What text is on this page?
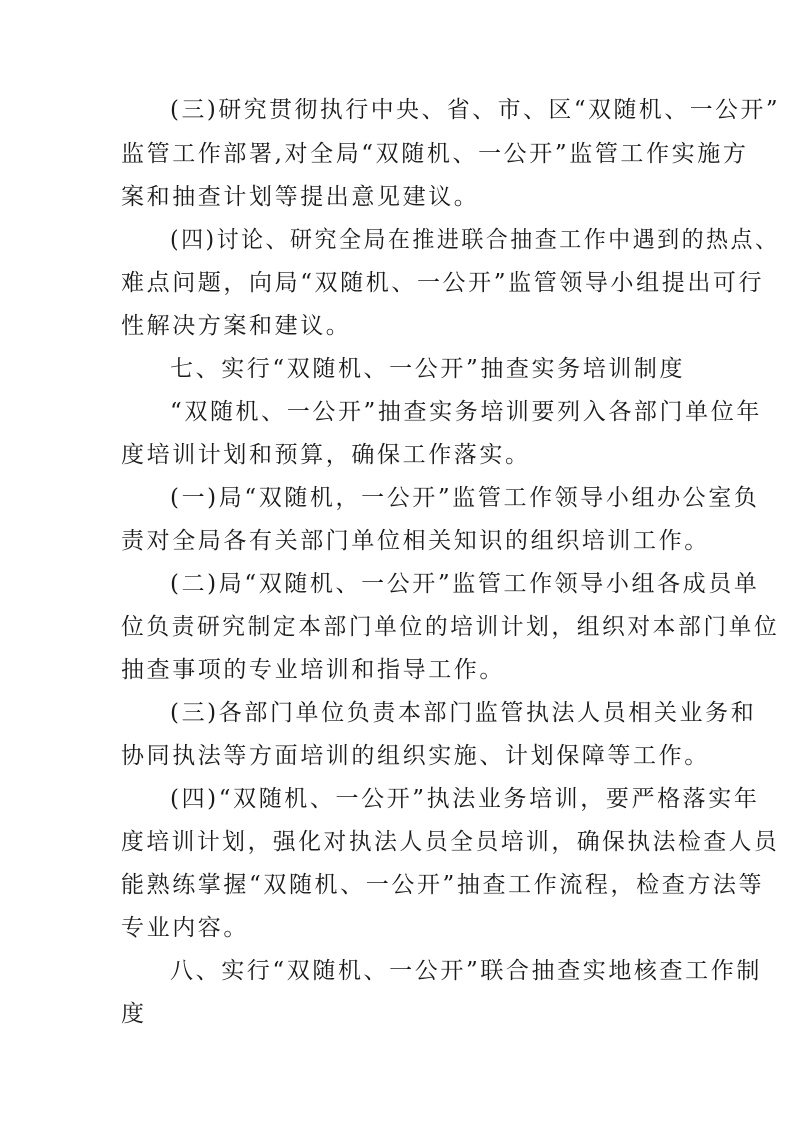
(三)研究贯彻执行中央、省、市、区“双随机、一公开”
监管工作部署,对全局“双随机、一公开”监管工作实施方
案和抽查计划等提出意见建议。
(四)讨论、研究全局在推进联合抽查工作中遇到的热点、
难点问题，向局“双随机、一公开”监管领导小组提出可行
性解决方案和建议。
七、实行“双随机、一公开”抽查实务培训制度
“双随机、一公开”抽查实务培训要列入各部门单位年
度培训计划和预算，确保工作落实。
(一)局“双随机，一公开”监管工作领导小组办公室负
责对全局各有关部门单位相关知识的组织培训工作。
(二)局“双随机、一公开”监管工作领导小组各成员单
位负责研究制定本部门单位的培训计划，组织对本部门单位
抽查事项的专业培训和指导工作。
(三)各部门单位负责本部门监管执法人员相关业务和
协同执法等方面培训的组织实施、计划保障等工作。
(四)“双随机、一公开”执法业务培训，要严格落实年
度培训计划，强化对执法人员全员培训，确保执法检查人员
能熟练掌握“双随机、一公开”抽查工作流程，检查方法等
专业内容。
八、实行“双随机、一公开”联合抽查实地核查工作制
度
